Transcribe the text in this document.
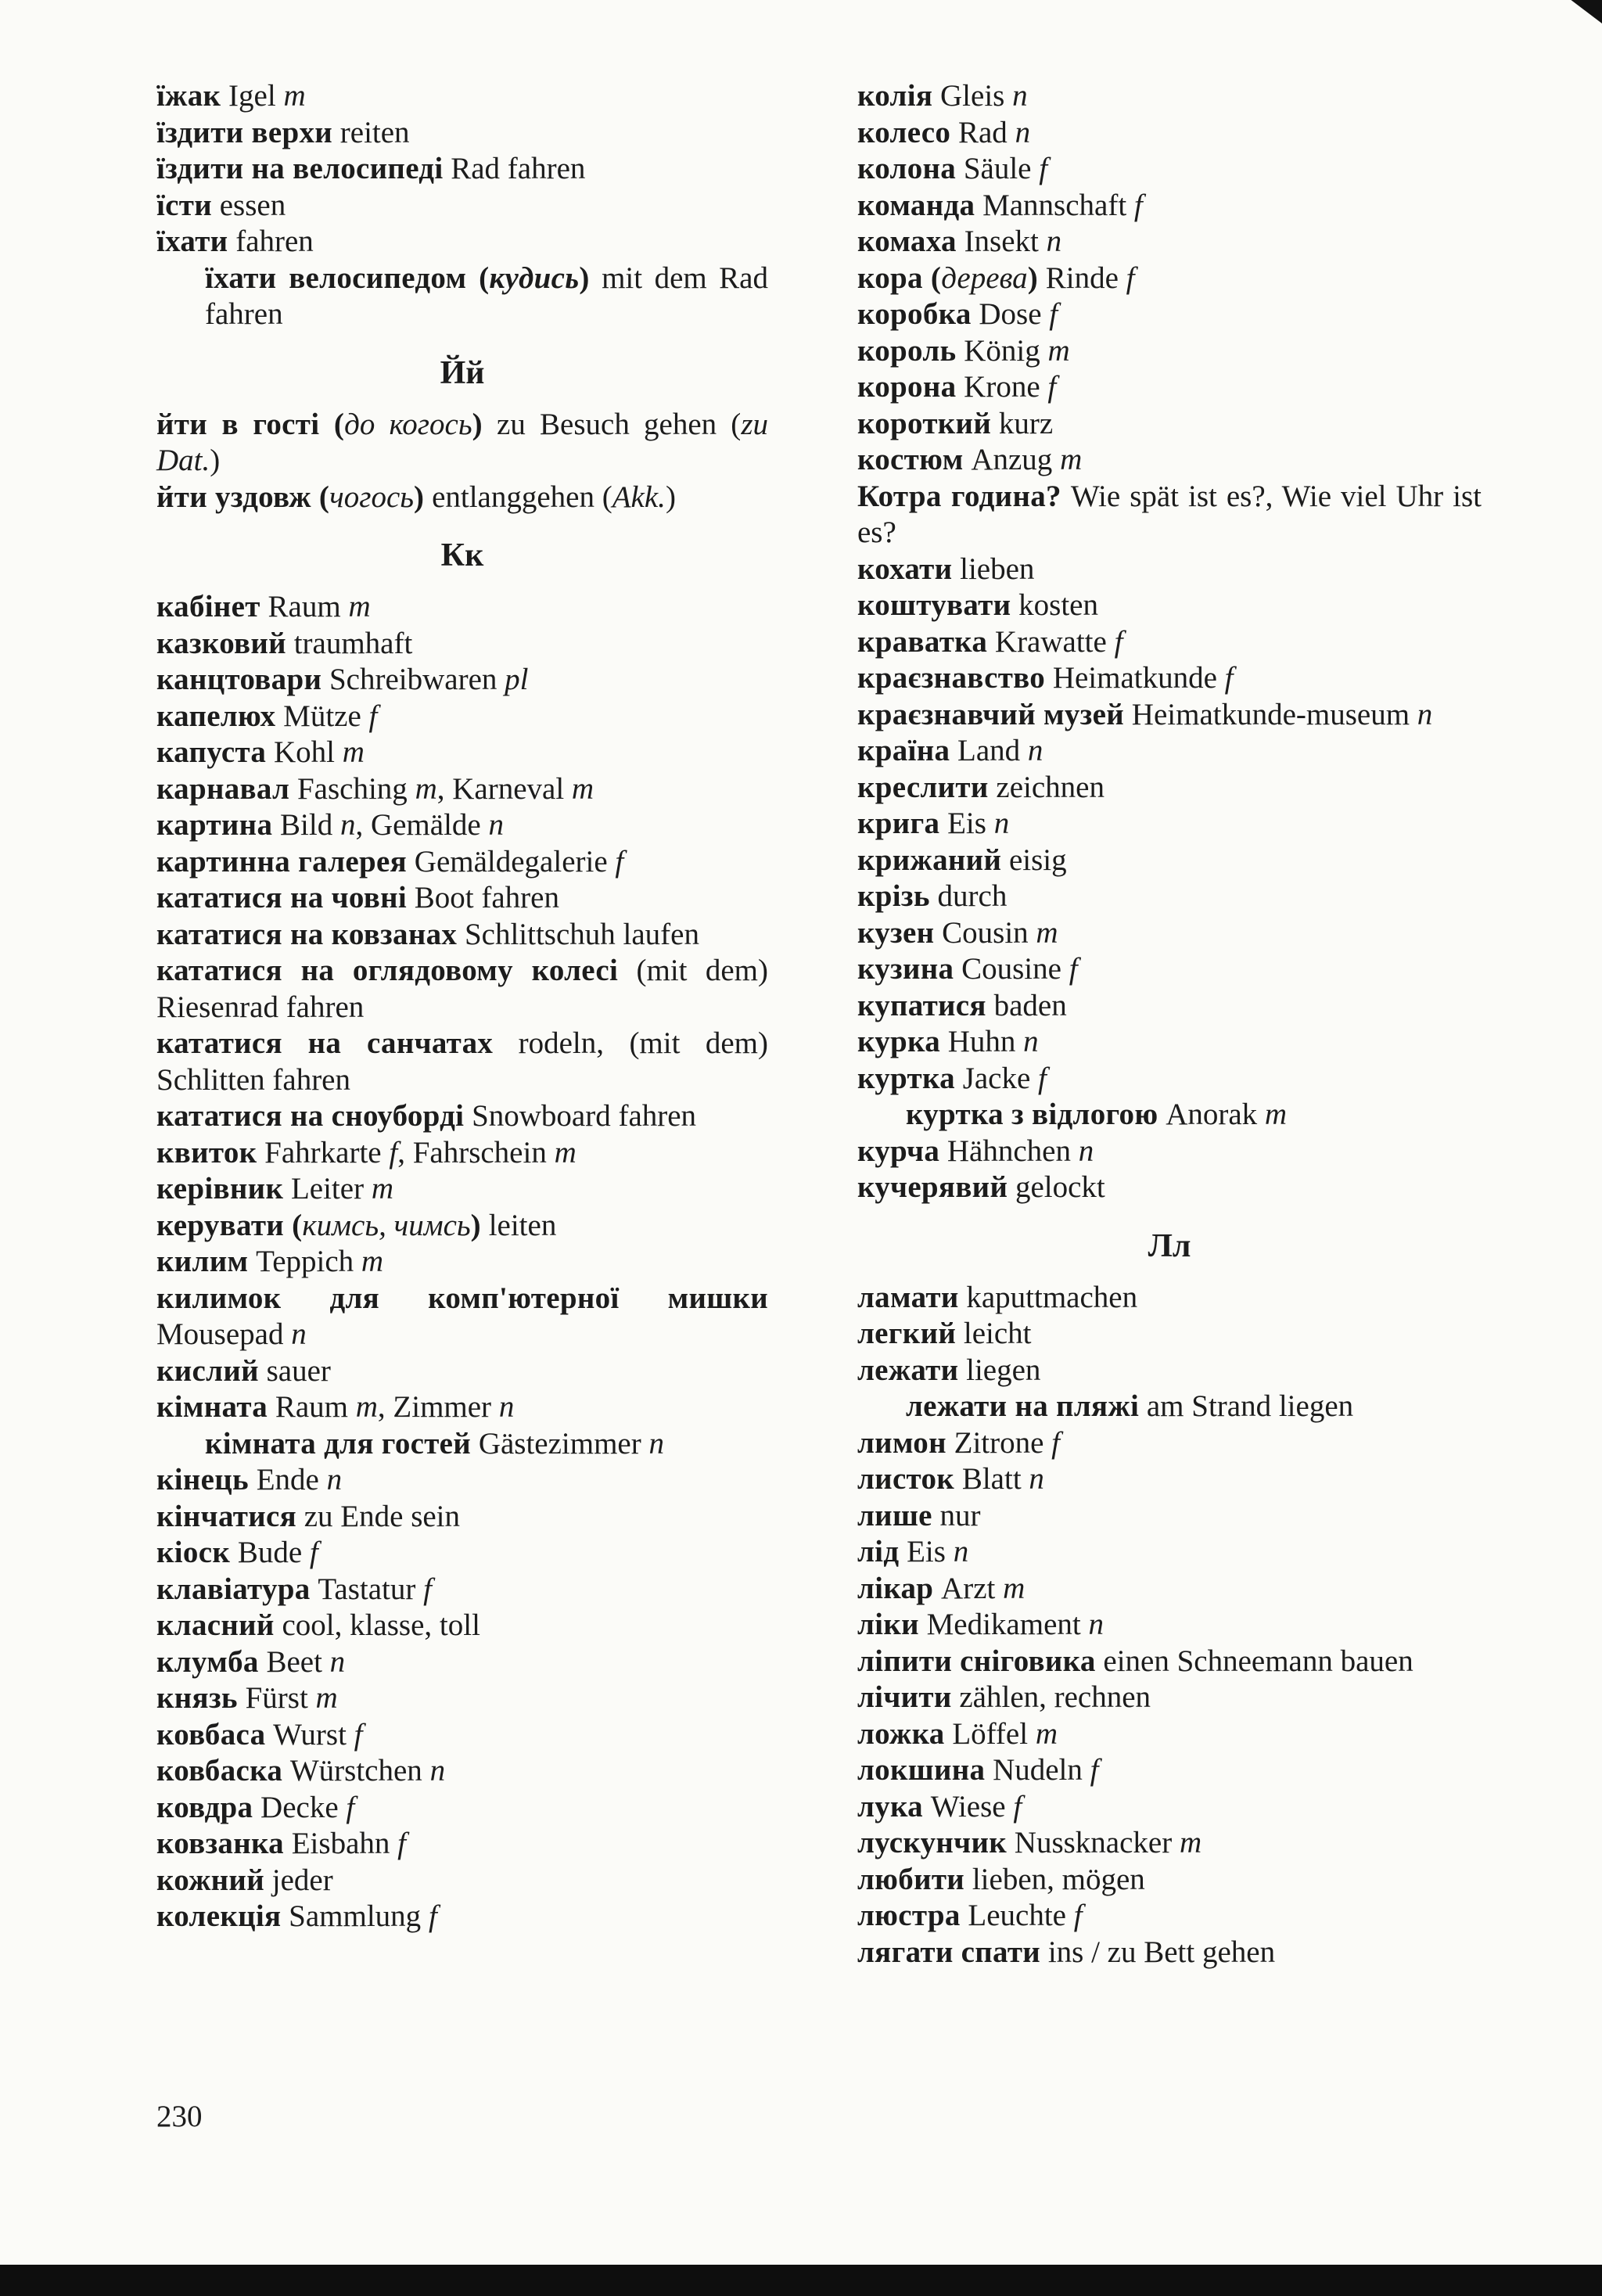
їжак Igel m
їздити верхи reiten
їздити на велосипеді Rad fahren
їсти essen
їхати fahren
їхати велосипедом (кудись) mit dem Rad fahren
Йй
йти в гості (до когось) zu Besuch gehen (zu Dat.)
йти уздовж (чогось) entlanggehen (Akk.)
Кк
кабінет Raum m
казковий traumhaft
канцтовари Schreibwaren pl
капелюх Mütze f
капуста Kohl m
карнавал Fasching m, Karneval m
картина Bild n, Gemälde n
картинна галерея Gemäldegalerie f
кататися на човні Boot fahren
кататися на ковзанах Schlittschuh laufen
кататися на оглядовому колесі (mit dem) Riesenrad fahren
кататися на санчатах rodeln, (mit dem) Schlitten fahren
кататися на сноуборді Snowboard fahren
квиток Fahrkarte f, Fahrschein m
керівник Leiter m
керувати (кимсь, чимсь) leiten
килим Teppich m
килимок для комп'ютерної мишки Mousepad n
кислий sauer
кімната Raum m, Zimmer n
кімната для гостей Gästezimmer n
кінець Ende n
кінчатися zu Ende sein
кіоск Bude f
клавіатура Tastatur f
класний cool, klasse, toll
клумба Beet n
князь Fürst m
ковбаса Wurst f
ковбаска Würstchen n
ковдра Decke f
ковзанка Eisbahn f
кожний jeder
колекція Sammlung f
колія Gleis n
колесо Rad n
колона Säule f
команда Mannschaft f
комаха Insekt n
кора (дерева) Rinde f
коробка Dose f
король König m
корона Krone f
короткий kurz
костюм Anzug m
Котра година? Wie spät ist es?, Wie viel Uhr ist es?
кохати lieben
коштувати kosten
краватка Krawatte f
краєзнавство Heimatkunde f
краєзнавчий музей Heimatkunde-museum n
країна Land n
креслити zeichnen
крига Eis n
крижаний eisig
крізь durch
кузен Cousin m
кузина Cousine f
купатися baden
курка Huhn n
куртка Jacke f
куртка з відлогою Anorak m
курча Hähnchen n
кучерявий gelockt
Лл
ламати kaputtmachen
легкий leicht
лежати liegen
лежати на пляжі am Strand liegen
лимон Zitrone f
листок Blatt n
лише nur
лід Eis n
лікар Arzt m
ліки Medikament n
ліпити сніговика einen Schneemann bauen
лічити zählen, rechnen
ложка Löffel m
локшина Nudeln f
лука Wiese f
лускунчик Nussknacker m
любити lieben, mögen
люстра Leuchte f
лягати спати ins / zu Bett gehen
230
